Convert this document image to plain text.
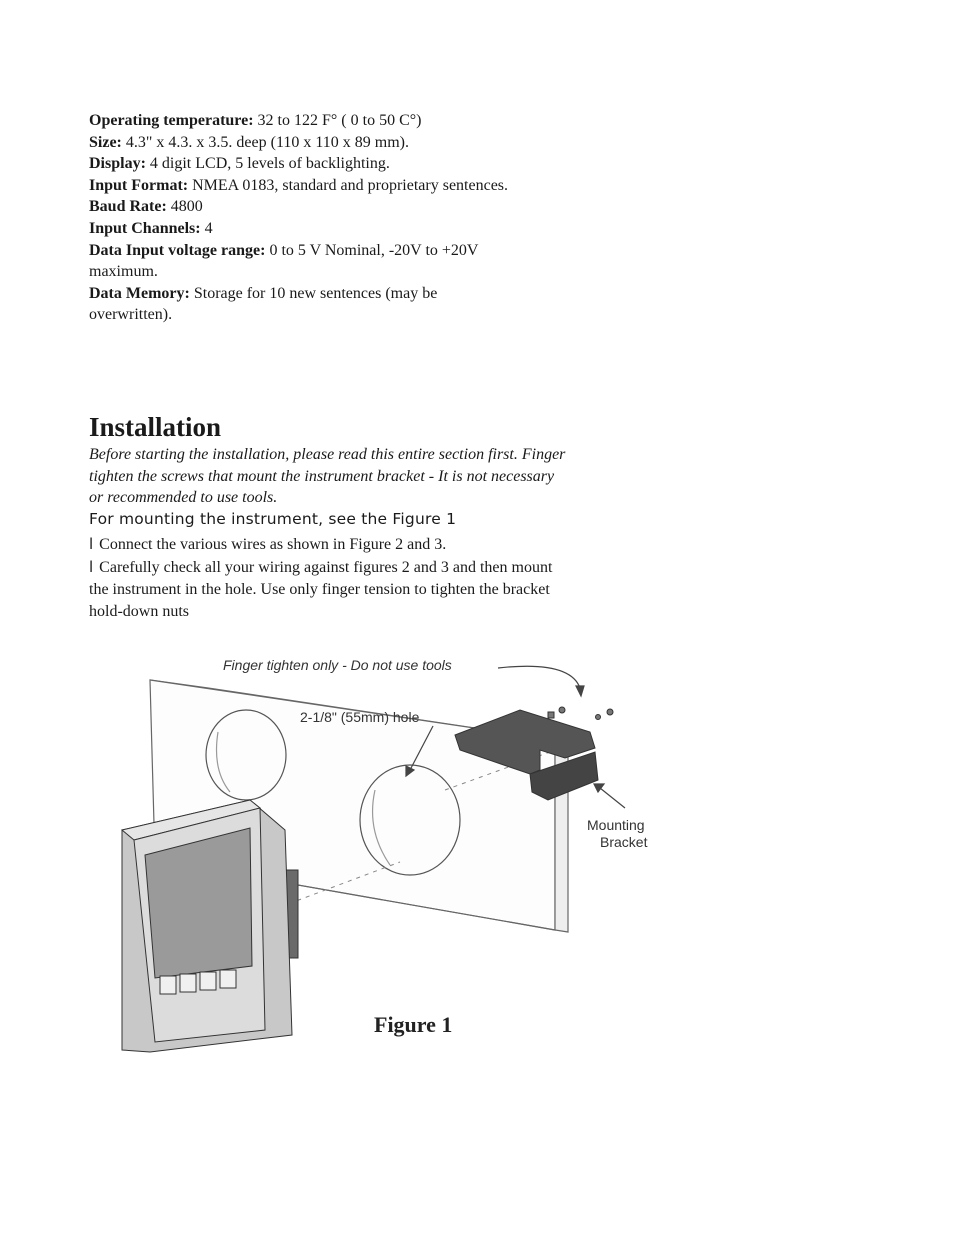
Operating temperature: 32 to 122 F° ( 0 to 50 C°)
Size: 4.3" x 4.3. x 3.5. deep (110 x 110 x 89 mm).
Display: 4 digit LCD, 5 levels of backlighting.
Input Format: NMEA 0183, standard and proprietary sentences.
Baud Rate: 4800
Input Channels: 4
Data Input voltage range: 0 to 5 V Nominal, -20V to +20V maximum.
Data Memory: Storage for 10 new sentences (may be overwritten).
Installation
Before starting the installation, please read this entire section first. Finger tighten the screws that mount the instrument bracket - It is not necessary or recommended to use tools.
For mounting the instrument, see the Figure 1

l Connect the various wires as shown in Figure 2 and 3.

l Carefully check all your wiring against figures 2 and 3 and then mount the instrument in the hole. Use only finger tension to tighten the bracket hold-down nuts

Finger tighten only - Do not use tools
2-1/8" (55mm) hole
Mounting
Bracket
Figure 1
